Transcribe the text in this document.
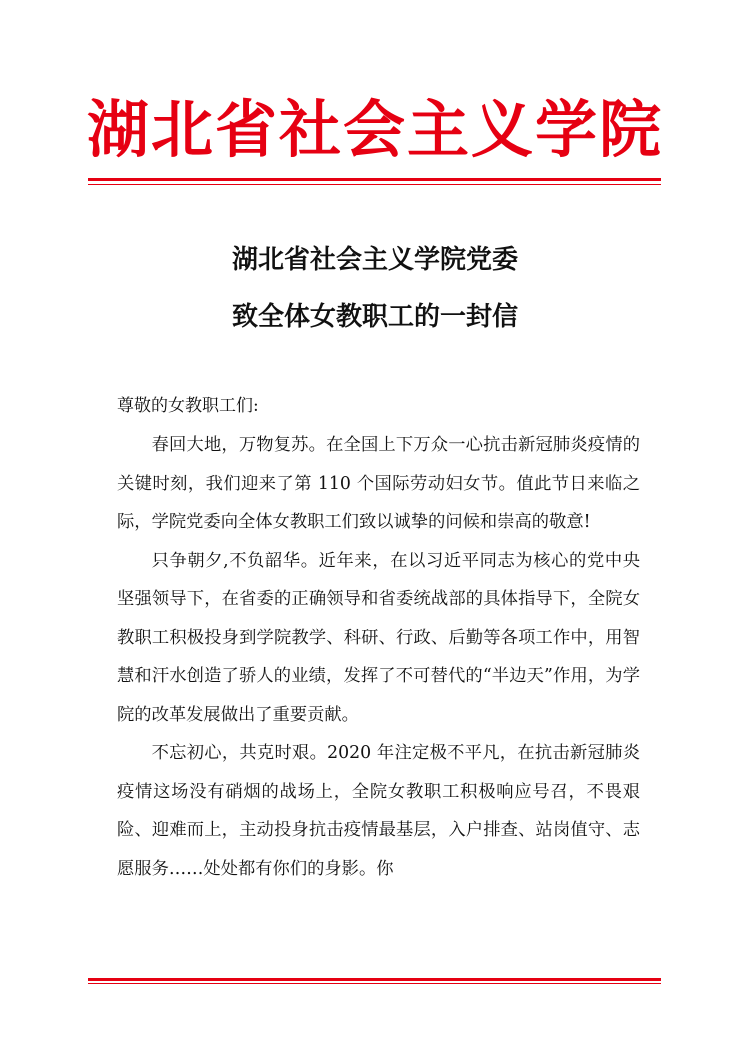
湖北省社会主义学院
湖北省社会主义学院党委
致全体女教职工的一封信
尊敬的女教职工们:

春回大地，万物复苏。在全国上下万众一心抗击新冠肺炎疫情的关键时刻，我们迎来了第 110 个国际劳动妇女节。值此节日来临之际，学院党委向全体女教职工们致以诚挚的问候和崇高的敬意!

只争朝夕,不负韶华。近年来，在以习近平同志为核心的党中央坚强领导下，在省委的正确领导和省委统战部的具体指导下，全院女教职工积极投身到学院教学、科研、行政、后勤等各项工作中，用智慧和汗水创造了骄人的业绩，发挥了不可替代的“半边天”作用，为学院的改革发展做出了重要贡献。

不忘初心，共克时艰。2020 年注定极不平凡，在抗击新冠肺炎疫情这场没有硝烟的战场上，全院女教职工积极响应号召，不畏艰险、迎难而上，主动投身抗击疫情最基层，入户排查、站岗值守、志愿服务……处处都有你们的身影。你
